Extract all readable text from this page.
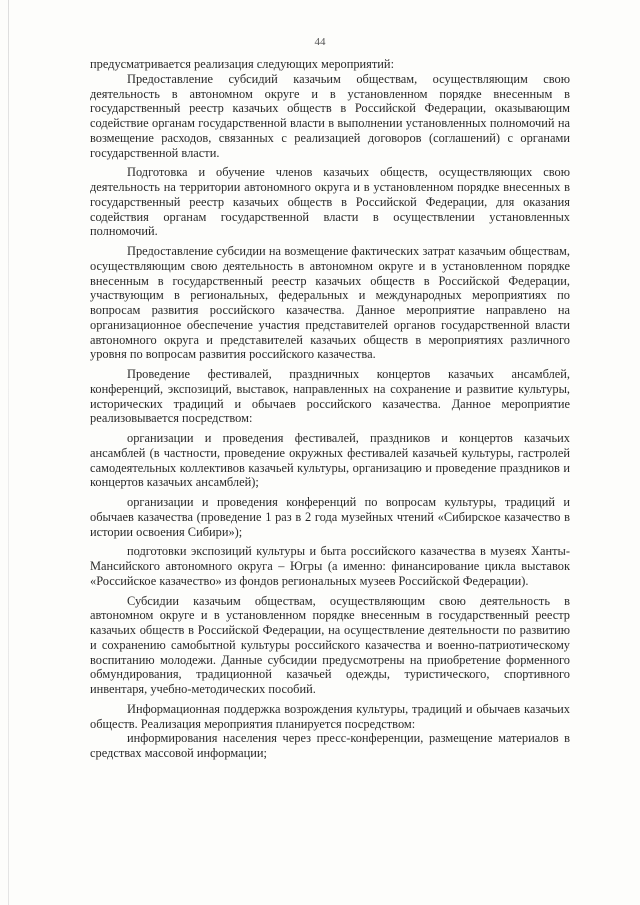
44

предусматривается реализация следующих мероприятий:

Предоставление субсидий казачьим обществам, осуществляющим свою деятельность в автономном округе и в установленном порядке внесенным в государственный реестр казачьих обществ в Российской Федерации, оказывающим содействие органам государственной власти в выполнении установленных полномочий на возмещение расходов, связанных с реализацией договоров (соглашений) с органами государственной власти.

Подготовка и обучение членов казачьих обществ, осуществляющих свою деятельность на территории автономного округа и в установленном порядке внесенных в государственный реестр казачьих обществ в Российской Федерации, для оказания содействия органам государственной власти в осуществлении установленных полномочий.

Предоставление субсидии на возмещение фактических затрат казачьим обществам, осуществляющим свою деятельность в автономном округе и в установленном порядке внесенным в государственный реестр казачьих обществ в Российской Федерации, участвующим в региональных, федеральных и международных мероприятиях по вопросам развития российского казачества. Данное мероприятие направлено на организационное обеспечение участия представителей органов государственной власти автономного округа и представителей казачьих обществ в мероприятиях различного уровня по вопросам развития российского казачества.

Проведение фестивалей, праздничных концертов казачьих ансамблей, конференций, экспозиций, выставок, направленных на сохранение и развитие культуры, исторических традиций и обычаев российского казачества. Данное мероприятие реализовывается посредством:

организации и проведения фестивалей, праздников и концертов казачьих ансамблей (в частности, проведение окружных фестивалей казачьей культуры, гастролей самодеятельных коллективов казачьей культуры, организацию и проведение праздников и концертов казачьих ансамблей);

организации и проведения конференций по вопросам культуры, традиций и обычаев казачества (проведение 1 раз в 2 года музейных чтений «Сибирское казачество в истории освоения Сибири»);

подготовки экспозиций культуры и быта российского казачества в музеях Ханты-Мансийского автономного округа – Югры (а именно: финансирование цикла выставок «Российское казачество» из фондов региональных музеев Российской Федерации).

Субсидии казачьим обществам, осуществляющим свою деятельность в автономном округе и в установленном порядке внесенным в государственный реестр казачьих обществ в Российской Федерации, на осуществление деятельности по развитию и сохранению самобытной культуры российского казачества и военно-патриотическому воспитанию молодежи. Данные субсидии предусмотрены на приобретение форменного обмундирования, традиционной казачьей одежды, туристического, спортивного инвентаря, учебно-методических пособий.

Информационная поддержка возрождения культуры, традиций и обычаев казачьих обществ. Реализация мероприятия планируется посредством:

информирования населения через пресс-конференции, размещение материалов в средствах массовой информации;
